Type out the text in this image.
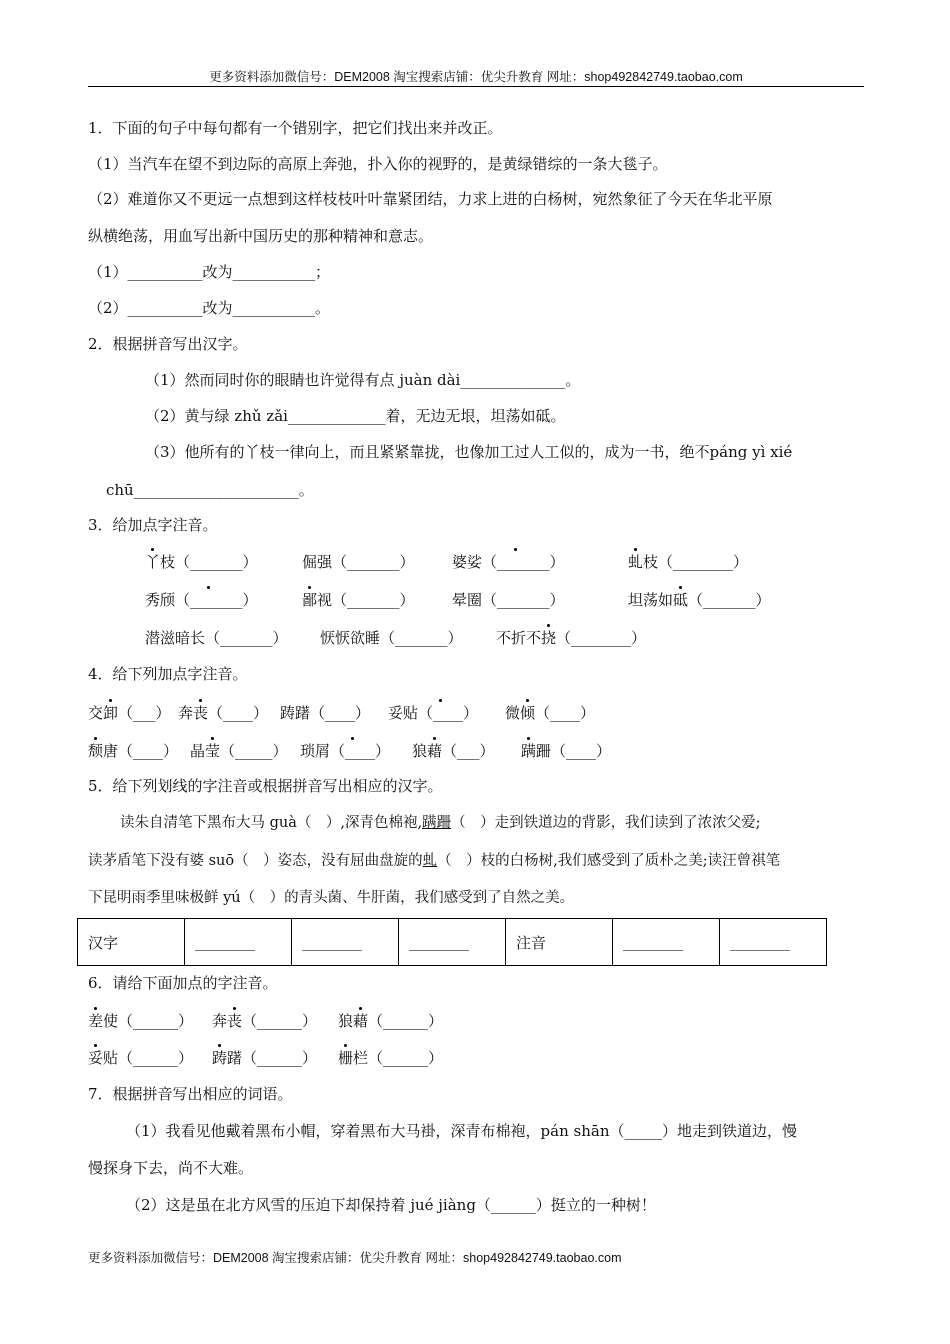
更多资料添加微信号：DEM2008 淘宝搜索店铺：优尖升教育 网址：shop492842749.taobao.com
1．下面的句子中每句都有一个错别字，把它们找出来并改正。
（1）当汽车在望不到边际的高原上奔弛，扑入你的视野的，是黄绿错综的一条大毯子。
（2）难道你又不更远一点想到这样枝枝叶叶靠紧团结，力求上进的白杨树，宛然象征了今天在华北平原
纵横绝荡，用血写出新中国历史的那种精神和意志。
（1）__________改为___________；
（2）__________改为___________。
2．根据拼音写出汉字。
（1）然而同时你的眼睛也许觉得有点 juàn dài______________。
（2）黄与绿 zhǔ zǎi_____________着，无边无垠，坦荡如砥。
（3）他所有的丫枝一律向上，而且紧紧靠拢，也像加工过人工似的，成为一书，绝不páng yì xié
chū______________________。
3．给加点字注音。
丫枝（_______）	倔强（_______） 婆娑（_______）	虬枝（________）
秀颀（_______）	鄙视（_______） 晕圈（_______）	坦荡如砥（_______）
潜滋暗长（_______） 恹恹欲睡（_______） 不折不挠（________）
4．给下列加点字注音。
交卸（___） 奔丧（____） 踌躇（____） 妥贴（____） 微倾（____）
颓唐（____） 晶莹（_____） 琐屑（____） 狼藉（___） 蹒跚（____）
5．给下列划线的字注音或根据拼音写出相应的汉字。
读朱自清笔下黑布大马 guà（　）,深青色棉袍,蹒跚（　）走到铁道边的背影，我们读到了浓浓父爱;
读茅盾笔下没有婆 suō（　）姿态，没有屈曲盘旋的虬（　）枝的白杨树,我们感受到了质朴之美;读汪曾祺笔
下昆明雨季里味极鲜 yú（　）的青头菌、牛肝菌，我们感受到了自然之美。
汉字	________	________	________	注音	________	________
6．请给下面加点的字注音。
差使（______） 奔丧（______） 狼藉（______）
妥贴（______） 踌躇（______） 栅栏（______）
7．根据拼音写出相应的词语。
（1）我看见他戴着黑布小帽，穿着黑布大马褂，深青布棉袍，pán shān（_____）地走到铁道边，慢
慢探身下去，尚不大难。
（2）这是虽在北方风雪的压迫下却保持着 jué jiàng（______）挺立的一种树！
更多资料添加微信号：DEM2008 淘宝搜索店铺：优尖升教育 网址：shop492842749.taobao.com
